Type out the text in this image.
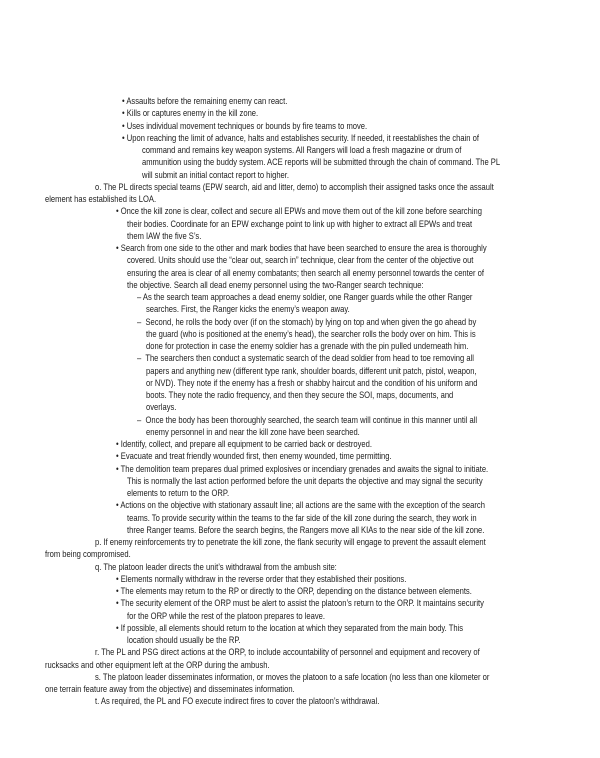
• Assaults before the remaining enemy can react.
• Kills or captures enemy in the kill zone.
• Uses individual movement techniques or bounds by fire teams to move.
• Upon reaching the limit of advance, halts and establishes security. If needed, it reestablishes the chain of
command and remains key weapon systems. All Rangers will load a fresh magazine or drum of
ammunition using the buddy system. ACE reports will be submitted through the chain of command. The PL
will submit an initial contact report to higher.
o. The PL directs special teams (EPW search, aid and litter, demo) to accomplish their assigned tasks once the assault
element has established its LOA.
• Once the kill zone is clear, collect and secure all EPWs and move them out of the kill zone before searching
their bodies. Coordinate for an EPW exchange point to link up with higher to extract all EPWs and treat
them IAW the five S’s.
• Search from one side to the other and mark bodies that have been searched to ensure the area is thoroughly
covered. Units should use the “clear out, search in” technique, clear from the center of the objective out
ensuring the area is clear of all enemy combatants; then search all enemy personnel towards the center of
the objective. Search all dead enemy personnel using the two-Ranger search technique:
– As the search team approaches a dead enemy soldier, one Ranger guards while the other Ranger
searches. First, the Ranger kicks the enemy’s weapon away.
–  Second, he rolls the body over (if on the stomach) by lying on top and when given the go ahead by
the guard (who is positioned at the enemy’s head), the searcher rolls the body over on him. This is
done for protection in case the enemy soldier has a grenade with the pin pulled underneath him.
–  The searchers then conduct a systematic search of the dead soldier from head to toe removing all
papers and anything new (different type rank, shoulder boards, different unit patch, pistol, weapon,
or NVD). They note if the enemy has a fresh or shabby haircut and the condition of his uniform and
boots. They note the radio frequency, and then they secure the SOI, maps, documents, and
overlays.
–  Once the body has been thoroughly searched, the search team will continue in this manner until all
enemy personnel in and near the kill zone have been searched.
• Identify, collect, and prepare all equipment to be carried back or destroyed.
• Evacuate and treat friendly wounded first, then enemy wounded, time permitting.
• The demolition team prepares dual primed explosives or incendiary grenades and awaits the signal to initiate.
This is normally the last action performed before the unit departs the objective and may signal the security
elements to return to the ORP.
• Actions on the objective with stationary assault line; all actions are the same with the exception of the search
teams. To provide security within the teams to the far side of the kill zone during the search, they work in
three Ranger teams. Before the search begins, the Rangers move all KIAs to the near side of the kill zone.
p. If enemy reinforcements try to penetrate the kill zone, the flank security will engage to prevent the assault element
from being compromised.
q. The platoon leader directs the unit’s withdrawal from the ambush site:
• Elements normally withdraw in the reverse order that they established their positions.
• The elements may return to the RP or directly to the ORP, depending on the distance between elements.
• The security element of the ORP must be alert to assist the platoon’s return to the ORP. It maintains security
for the ORP while the rest of the platoon prepares to leave.
• If possible, all elements should return to the location at which they separated from the main body. This
location should usually be the RP.
r. The PL and PSG direct actions at the ORP, to include accountability of personnel and equipment and recovery of
rucksacks and other equipment left at the ORP during the ambush.
s. The platoon leader disseminates information, or moves the platoon to a safe location (no less than one kilometer or
one terrain feature away from the objective) and disseminates information.
t. As required, the PL and FO execute indirect fires to cover the platoon’s withdrawal.
